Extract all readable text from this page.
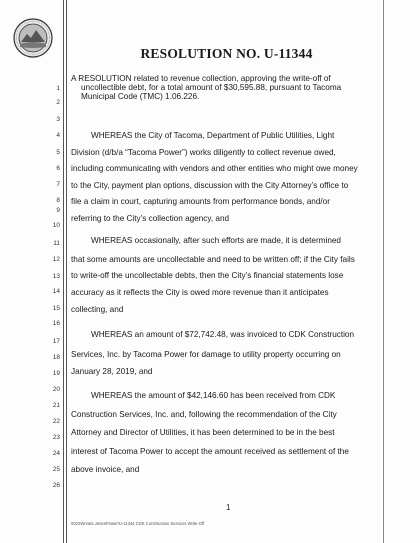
RESOLUTION NO. U-11344
1
2
3
4
5
6
7
8
9
10
11
12
13
14
15
16
17
18
19
20
21
22
23
24
25
26
A RESOLUTION related to revenue collection, approving the write-off of
uncollectible debt, for a total amount of $30,595.88, pursuant to Tacoma
Municipal Code (TMC) 1.06.226.
WHEREAS the City of Tacoma, Department of Public Utilities, Light
Division (d/b/a “Tacoma Power”) works diligently to collect revenue owed,
including communicating with vendors and other entities who might owe money
to the City, payment plan options, discussion with the City Attorney’s office to
file a claim in court, capturing amounts from performance bonds, and/or
referring to the City’s collection agency, and
WHEREAS occasionally, after such efforts are made, it is determined
that some amounts are uncollectable and need to be written off; if the City fails
to write-off the uncollectable debts, then the City’s financial statements lose
accuracy as it reflects the City is owed more revenue than it anticipates
collecting, and
WHEREAS an amount of $72,742.48, was invoiced to CDK Construction
Services, Inc. by Tacoma Power for damage to utility property occurring on
January 28, 2019, and
WHEREAS the amount of $42,146.60 has been received from CDK
Construction Services, Inc. and, following the recommendation of the City
Attorney and Director of Utilities, it has been determined to be in the best
interest of Tacoma Power to accept the amount received as settlement of the
above invoice, and
1
0022Wreats.JonesPower\U-11344 CDK Construction Services Write-Off
